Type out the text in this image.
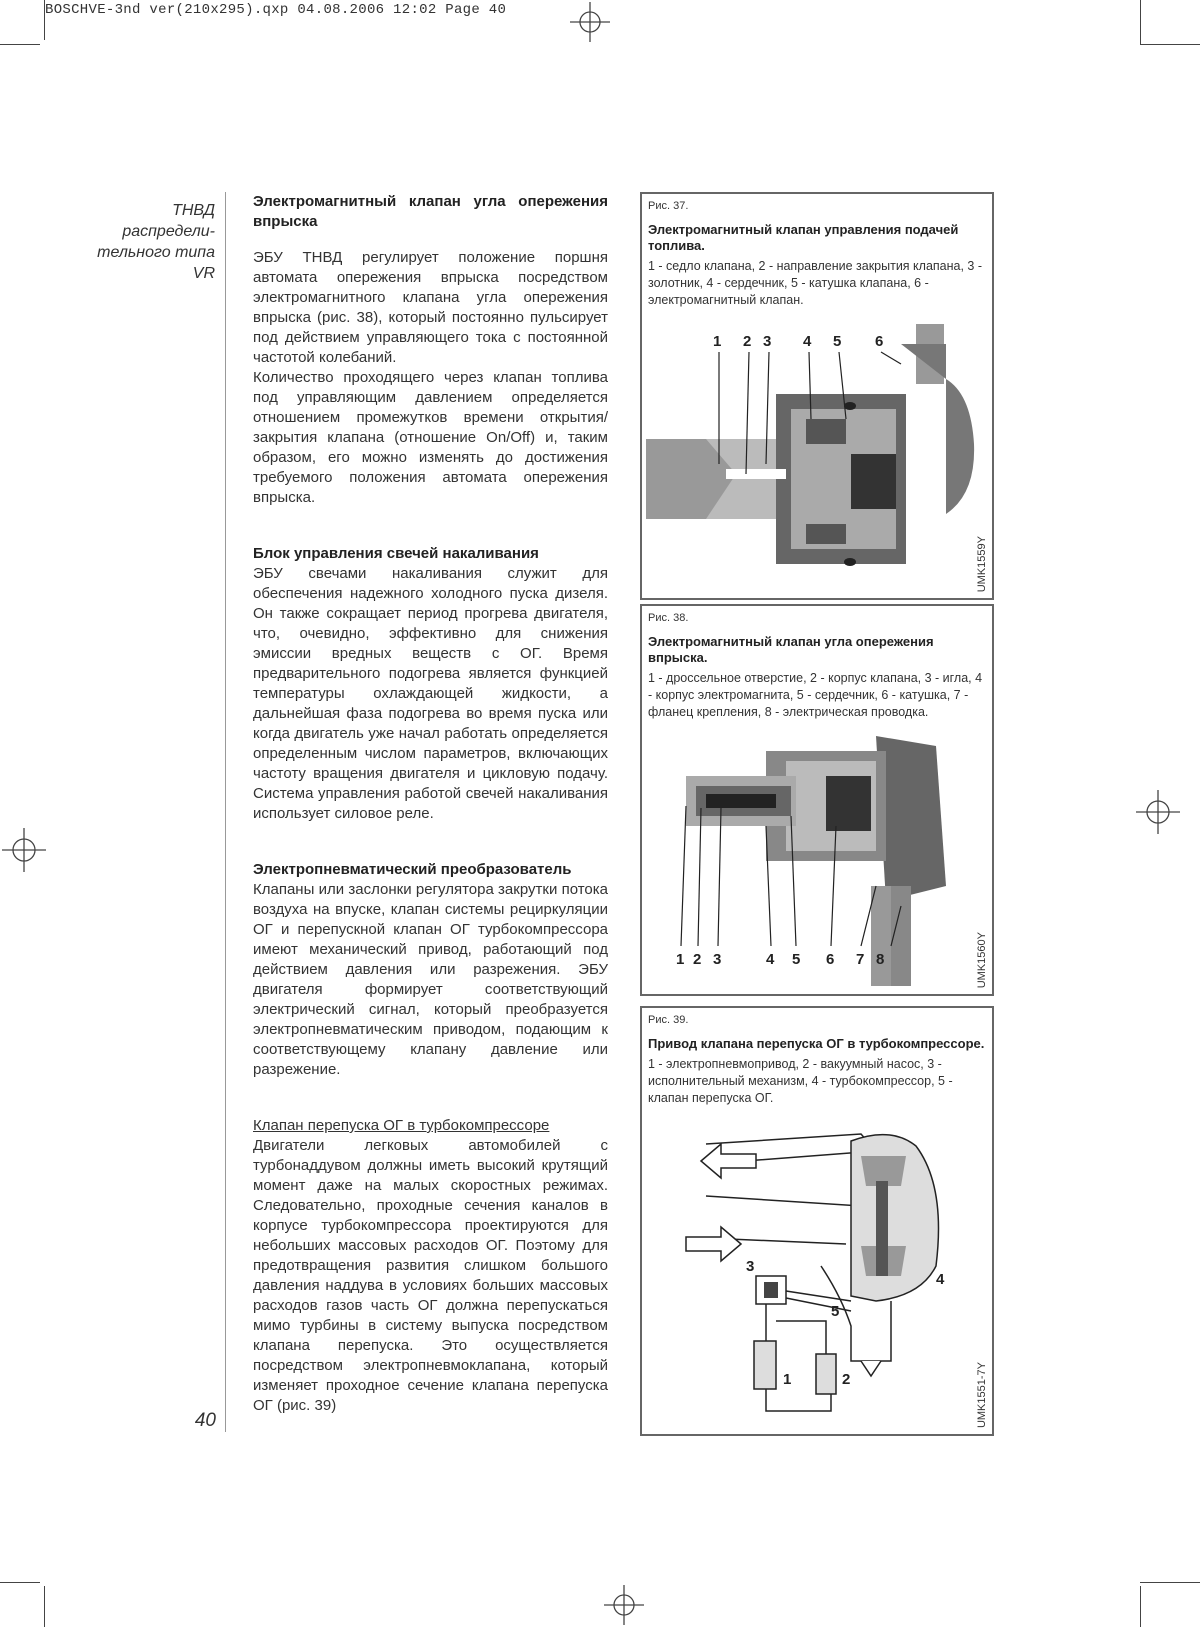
BOSCHVE-3nd ver(210x295).qxp 04.08.2006 12:02 Page 40
ТНВД
распредели-
тельного типа
VR
40
Электромагнитный клапан угла опережения впрыска

ЭБУ ТНВД регулирует положение поршня автомата опережения впрыска посредством электромагнитного клапана угла опережения впрыска (рис. 38), который постоянно пульсирует под действием управляющего тока с постоянной частотой колебаний.

Количество проходящего через клапан топлива под управляющим давлением определяется отношением промежутков времени открытия/закрытия клапана (отношение On/Off) и, таким образом, его можно изменять до достижения требуемого положения автомата опережения впрыска.

Блок управления свечей накаливания

ЭБУ свечами накаливания служит для обеспечения надежного холодного пуска дизеля. Он также сокращает период прогрева двигателя, что, очевидно, эффективно для снижения эмиссии вредных веществ с ОГ. Время предварительного подогрева является функцией температуры охлаждающей жидкости, а дальнейшая фаза подогрева во время пуска или когда двигатель уже начал работать определяется определенным числом параметров, включающих частоту вращения двигателя и цикловую подачу. Система управления работой свечей накаливания использует силовое реле.

Электропневматический преобразователь

Клапаны или заслонки регулятора закрутки потока воздуха на впуске, клапан системы рециркуляции ОГ и перепускной клапан ОГ турбокомпрессора имеют механический привод, работающий под действием давления или разрежения. ЭБУ двигателя формирует соответствующий электрический сигнал, который преобразуется электропневматическим приводом, подающим к соответствующему клапану давление или разрежение.

Клапан перепуска ОГ в турбокомпрессоре

Двигатели легковых автомобилей с турбонаддувом должны иметь высокий крутящий момент даже на малых скоростных режимах. Следовательно, проходные сечения каналов в корпусе турбокомпрессора проектируются для небольших массовых расходов ОГ. Поэтому для предотвращения развития слишком большого давления наддува в условиях больших массовых расходов газов часть ОГ должна перепускаться мимо турбины в систему выпуска посредством клапана перепуска. Это осуществляется посредством электропневмоклапана, который изменяет проходное сечение клапана перепуска ОГ (рис. 39)

Рис. 37.
Электромагнитный клапан управления подачей топлива.
1 - седло клапана, 2 - направление закрытия клапана, 3 - золотник, 4 - сердечник, 5 - катушка клапана, 6 - электромагнитный клапан.
1 2 3 4 5 6
UMK1559Y
Рис. 38.
Электромагнитный клапан угла опережения впрыска.
1 - дроссельное отверстие, 2 - корпус клапана, 3 - игла, 4 - корпус электромагнита, 5 - сердечник, 6 - катушка, 7 - фланец крепления, 8 - электрическая проводка.
1 2 3	4 5 6 7 8	UMK1560Y
Рис. 39.
Привод клапана перепуска ОГ в турбокомпрессоре.
1 - электропневмопривод, 2 - вакуумный насос, 3 - исполнительный механизм, 4 - турбокомпрессор, 5 - клапан перепуска ОГ.
1	2
3
4
5
UMK1551-7Y
